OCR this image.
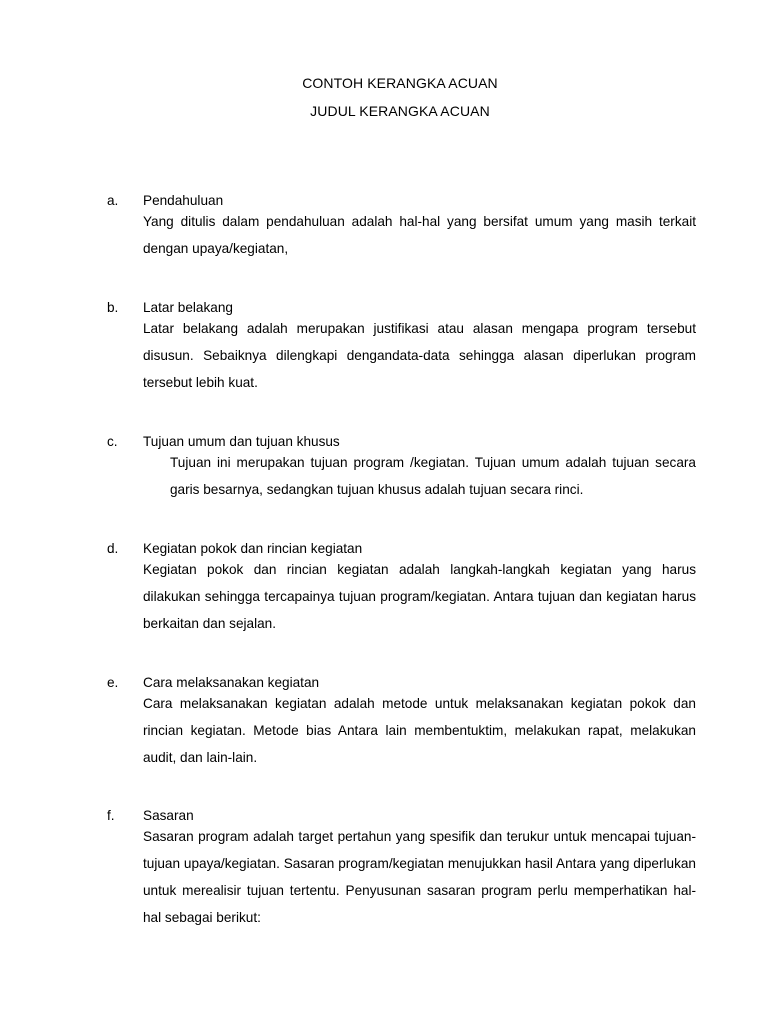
CONTOH KERANGKA ACUAN
JUDUL KERANGKA ACUAN
a. Pendahuluan

Yang ditulis dalam pendahuluan adalah hal-hal yang bersifat umum yang masih terkait dengan upaya/kegiatan,

b. Latar belakang

Latar belakang adalah merupakan justifikasi atau alasan mengapa program tersebut disusun. Sebaiknya dilengkapi dengandata-data sehingga alasan diperlukan program tersebut lebih kuat.

c. Tujuan umum dan tujuan khusus

Tujuan ini merupakan tujuan program /kegiatan. Tujuan umum adalah tujuan secara garis besarnya, sedangkan tujuan khusus adalah tujuan secara rinci.

d. Kegiatan pokok dan rincian kegiatan

Kegiatan pokok dan rincian kegiatan adalah langkah-langkah kegiatan yang harus dilakukan sehingga tercapainya tujuan program/kegiatan. Antara tujuan dan kegiatan harus berkaitan dan sejalan.

e. Cara melaksanakan kegiatan

Cara melaksanakan kegiatan adalah metode untuk melaksanakan kegiatan pokok dan rincian kegiatan. Metode bias Antara lain membentuktim, melakukan rapat, melakukan audit, dan lain-lain.

f. Sasaran

Sasaran program adalah target pertahun yang spesifik dan terukur untuk mencapai tujuan-tujuan upaya/kegiatan. Sasaran program/kegiatan menujukkan hasil Antara yang diperlukan untuk merealisir tujuan tertentu. Penyusunan sasaran program perlu memperhatikan hal- hal sebagai berikut:
